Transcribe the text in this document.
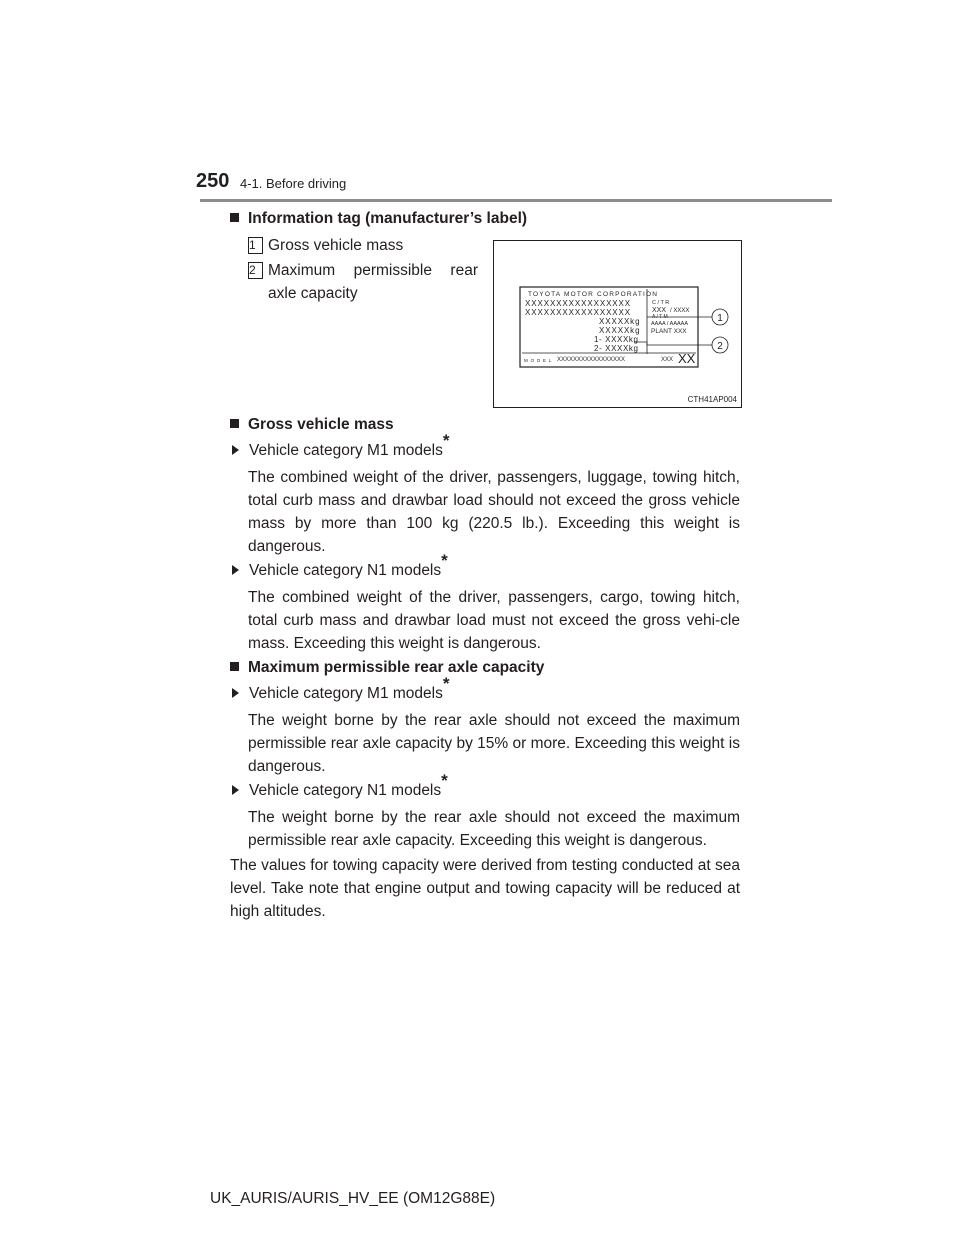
250 4-1. Before driving
Information tag (manufacturer’s label)
1 Gross vehicle mass
2 Maximum permissible rear axle capacity	TOYOTA MOTOR CORPORATION
XXXXXXXXXXXXXXXXX
XXXXXXXXXXXXXXXXX
XXXXXkg
XXXXXkg
1- XXXXkg
2- XXXXkg
C / T R
XXX / XXXX
A / T M
AAAA / AAAAA
PLANT XXX
M O D E L XXXXXXXXXXXXXXXXX	XXX XX
1
2
CTH41AP004
Gross vehicle mass
Vehicle category M1 models*
The combined weight of the driver, passengers, luggage, towing hitch, total curb mass and drawbar load should not exceed the gross vehicle mass by more than 100 kg (220.5 lb.). Exceeding this weight is dangerous.
Vehicle category N1 models*
The combined weight of the driver, passengers, cargo, towing hitch, total curb mass and drawbar load must not exceed the gross vehi-cle mass. Exceeding this weight is dangerous.
Maximum permissible rear axle capacity
Vehicle category M1 models*
The weight borne by the rear axle should not exceed the maximum permissible rear axle capacity by 15% or more. Exceeding this weight is dangerous.
Vehicle category N1 models*
The weight borne by the rear axle should not exceed the maximum permissible rear axle capacity. Exceeding this weight is dangerous.
The values for towing capacity were derived from testing conducted at sea level. Take note that engine output and towing capacity will be reduced at high altitudes.
UK_AURIS/AURIS_HV_EE (OM12G88E)
